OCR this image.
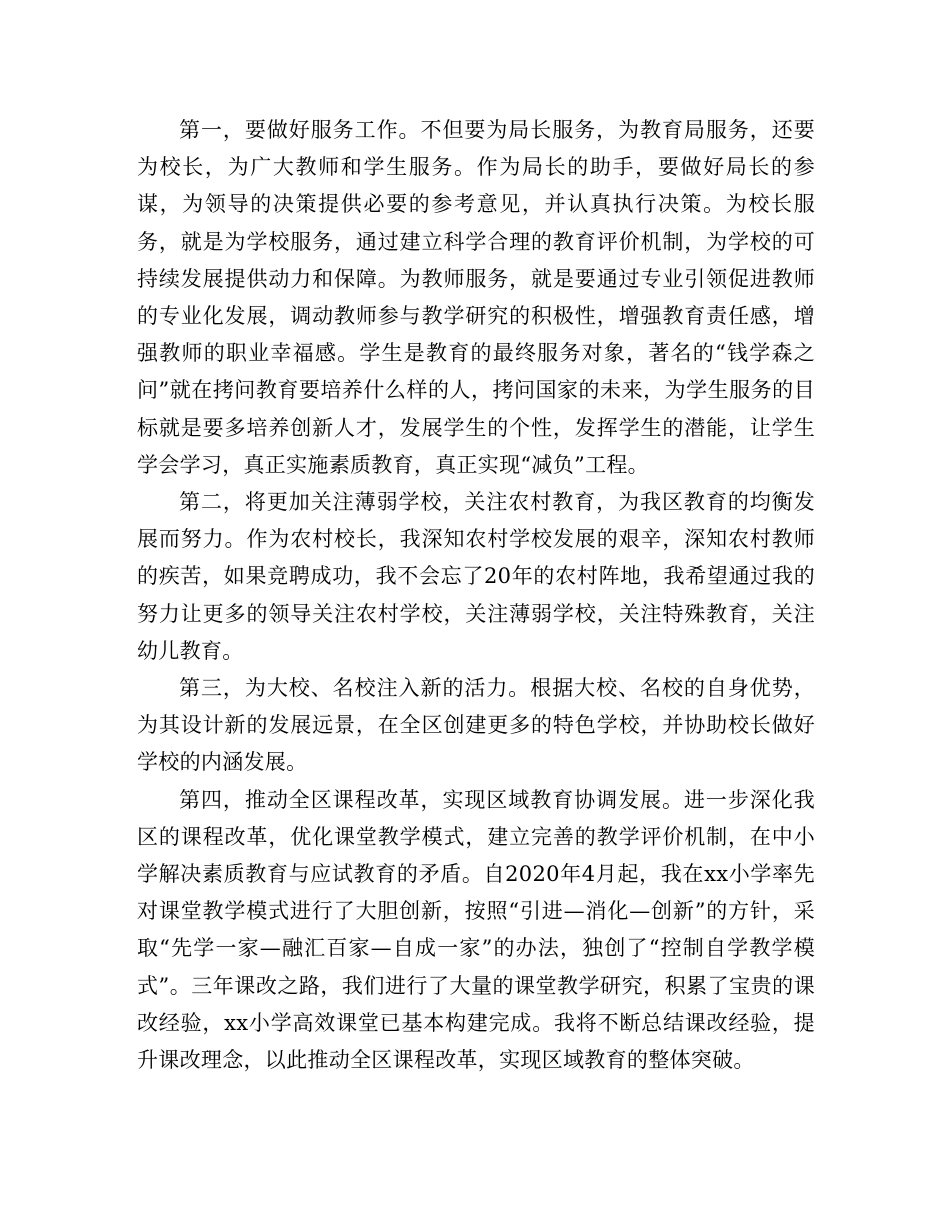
第一，要做好服务工作。不但要为局长服务，为教育局服务，还要为校长，为广大教师和学生服务。作为局长的助手，要做好局长的参谋，为领导的决策提供必要的参考意见，并认真执行决策。为校长服务，就是为学校服务，通过建立科学合理的教育评价机制，为学校的可持续发展提供动力和保障。为教师服务，就是要通过专业引领促进教师的专业化发展，调动教师参与教学研究的积极性，增强教育责任感，增强教师的职业幸福感。学生是教育的最终服务对象，著名的“钱学森之问”就在拷问教育要培养什么样的人，拷问国家的未来，为学生服务的目标就是要多培养创新人才，发展学生的个性，发挥学生的潜能，让学生学会学习，真正实施素质教育，真正实现“减负”工程。

第二，将更加关注薄弱学校，关注农村教育，为我区教育的均衡发展而努力。作为农村校长，我深知农村学校发展的艰辛，深知农村教师的疾苦，如果竞聘成功，我不会忘了20年的农村阵地，我希望通过我的努力让更多的领导关注农村学校，关注薄弱学校，关注特殊教育，关注幼儿教育。

第三，为大校、名校注入新的活力。根据大校、名校的自身优势，为其设计新的发展远景，在全区创建更多的特色学校，并协助校长做好学校的内涵发展。

第四，推动全区课程改革，实现区域教育协调发展。进一步深化我区的课程改革，优化课堂教学模式，建立完善的教学评价机制，在中小学解决素质教育与应试教育的矛盾。自2020年4月起，我在xx小学率先对课堂教学模式进行了大胆创新，按照“引进—消化—创新”的方针，采取“先学一家—融汇百家—自成一家”的办法，独创了“控制自学教学模式”。三年课改之路，我们进行了大量的课堂教学研究，积累了宝贵的课改经验，xx小学高效课堂已基本构建完成。我将不断总结课改经验，提升课改理念，以此推动全区课程改革，实现区域教育的整体突破。
